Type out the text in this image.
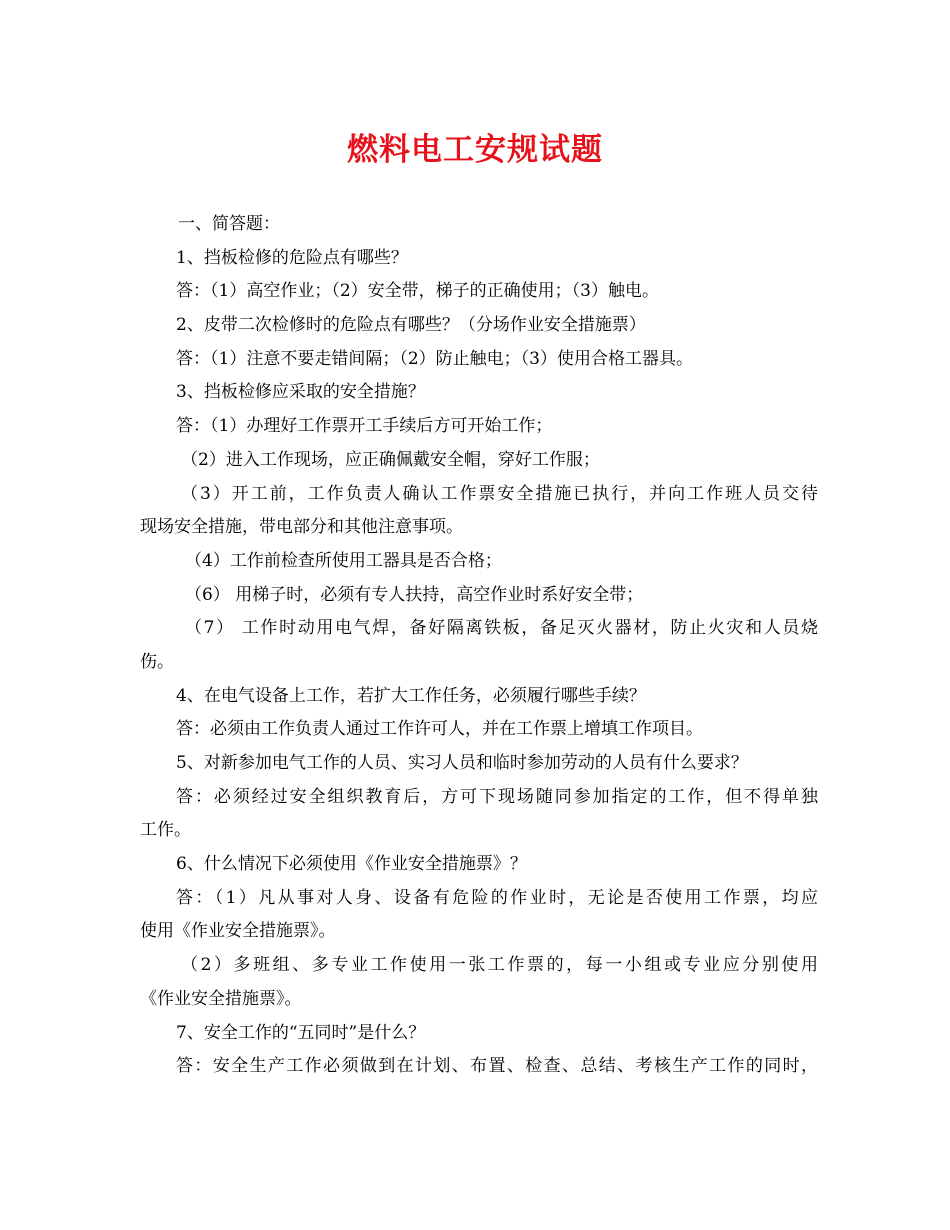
燃料电工安规试题
一、简答题：
1、挡板检修的危险点有哪些？
答：（1）高空作业；（2）安全带，梯子的正确使用；（3）触电。
2、皮带二次检修时的危险点有哪些？（分场作业安全措施票）
答：（1）注意不要走错间隔；（2）防止触电；（3）使用合格工器具。
3、挡板检修应采取的安全措施？
答：（1）办理好工作票开工手续后方可开始工作；
（2）进入工作现场，应正确佩戴安全帽，穿好工作服；
（3）开工前，工作负责人确认工作票安全措施已执行，并向工作班人员交待
现场安全措施，带电部分和其他注意事项。
（4）工作前检查所使用工器具是否合格；
（6） 用梯子时，必须有专人扶持，高空作业时系好安全带；
（7） 工作时动用电气焊，备好隔离铁板，备足灭火器材，防止火灾和人员烧
伤。
4、在电气设备上工作，若扩大工作任务，必须履行哪些手续？
答：必须由工作负责人通过工作许可人，并在工作票上增填工作项目。
5、对新参加电气工作的人员、实习人员和临时参加劳动的人员有什么要求？
答：必须经过安全组织教育后，方可下现场随同参加指定的工作，但不得单独
工作。
6、什么情况下必须使用《作业安全措施票》？
答：（1）凡从事对人身、设备有危险的作业时，无论是否使用工作票，均应
使用《作业安全措施票》。
（2）多班组、多专业工作使用一张工作票的，每一小组或专业应分别使用
《作业安全措施票》。
7、安全工作的“五同时”是什么？
答：安全生产工作必须做到在计划、布置、检查、总结、考核生产工作的同时，
